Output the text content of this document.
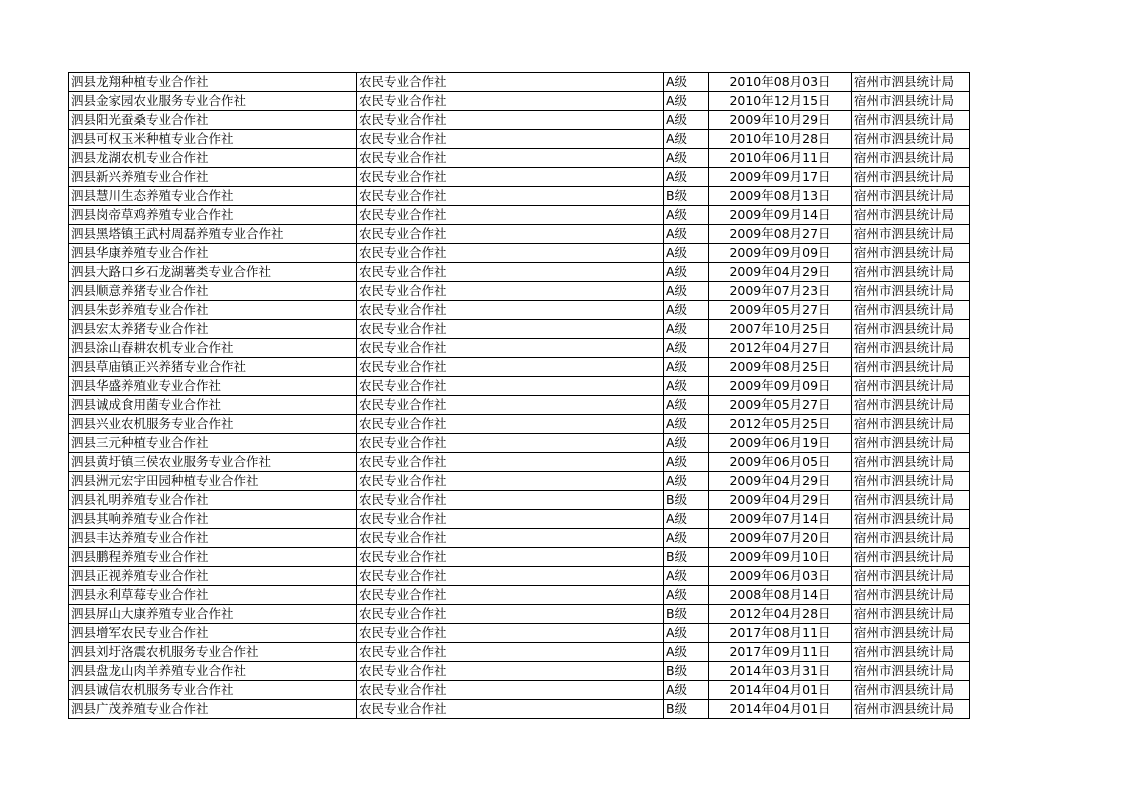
泗县龙翔种植专业合作社	农民专业合作社	A级	2010年08月03日	宿州市泗县统计局
泗县金家园农业服务专业合作社	农民专业合作社	A级	2010年12月15日	宿州市泗县统计局
泗县阳光蚕桑专业合作社	农民专业合作社	A级	2009年10月29日	宿州市泗县统计局
泗县可权玉米种植专业合作社	农民专业合作社	A级	2010年10月28日	宿州市泗县统计局
泗县龙湖农机专业合作社	农民专业合作社	A级	2010年06月11日	宿州市泗县统计局
泗县新兴养殖专业合作社	农民专业合作社	A级	2009年09月17日	宿州市泗县统计局
泗县慧川生态养殖专业合作社	农民专业合作社	B级	2009年08月13日	宿州市泗县统计局
泗县岗帝草鸡养殖专业合作社	农民专业合作社	A级	2009年09月14日	宿州市泗县统计局
泗县黑塔镇王武村周磊养殖专业合作社	农民专业合作社	A级	2009年08月27日	宿州市泗县统计局
泗县华康养殖专业合作社	农民专业合作社	A级	2009年09月09日	宿州市泗县统计局
泗县大路口乡石龙湖薯类专业合作社	农民专业合作社	A级	2009年04月29日	宿州市泗县统计局
泗县顺意养猪专业合作社	农民专业合作社	A级	2009年07月23日	宿州市泗县统计局
泗县朱彭养殖专业合作社	农民专业合作社	A级	2009年05月27日	宿州市泗县统计局
泗县宏太养猪专业合作社	农民专业合作社	A级	2007年10月25日	宿州市泗县统计局
泗县涂山春耕农机专业合作社	农民专业合作社	A级	2012年04月27日	宿州市泗县统计局
泗县草庙镇正兴养猪专业合作社	农民专业合作社	A级	2009年08月25日	宿州市泗县统计局
泗县华盛养殖业专业合作社	农民专业合作社	A级	2009年09月09日	宿州市泗县统计局
泗县诚成食用菌专业合作社	农民专业合作社	A级	2009年05月27日	宿州市泗县统计局
泗县兴业农机服务专业合作社	农民专业合作社	A级	2012年05月25日	宿州市泗县统计局
泗县三元种植专业合作社	农民专业合作社	A级	2009年06月19日	宿州市泗县统计局
泗县黄圩镇三侯农业服务专业合作社	农民专业合作社	A级	2009年06月05日	宿州市泗县统计局
泗县洲元宏宇田园种植专业合作社	农民专业合作社	A级	2009年04月29日	宿州市泗县统计局
泗县礼明养殖专业合作社	农民专业合作社	B级	2009年04月29日	宿州市泗县统计局
泗县其响养殖专业合作社	农民专业合作社	A级	2009年07月14日	宿州市泗县统计局
泗县丰达养殖专业合作社	农民专业合作社	A级	2009年07月20日	宿州市泗县统计局
泗县鹏程养殖专业合作社	农民专业合作社	B级	2009年09月10日	宿州市泗县统计局
泗县正视养殖专业合作社	农民专业合作社	A级	2009年06月03日	宿州市泗县统计局
泗县永利草莓专业合作社	农民专业合作社	A级	2008年08月14日	宿州市泗县统计局
泗县屏山大康养殖专业合作社	农民专业合作社	B级	2012年04月28日	宿州市泗县统计局
泗县增军农民专业合作社	农民专业合作社	A级	2017年08月11日	宿州市泗县统计局
泗县刘圩洛震农机服务专业合作社	农民专业合作社	A级	2017年09月11日	宿州市泗县统计局
泗县盘龙山肉羊养殖专业合作社	农民专业合作社	B级	2014年03月31日	宿州市泗县统计局
泗县诚信农机服务专业合作社	农民专业合作社	A级	2014年04月01日	宿州市泗县统计局
泗县广茂养殖专业合作社	农民专业合作社	B级	2014年04月01日	宿州市泗县统计局
